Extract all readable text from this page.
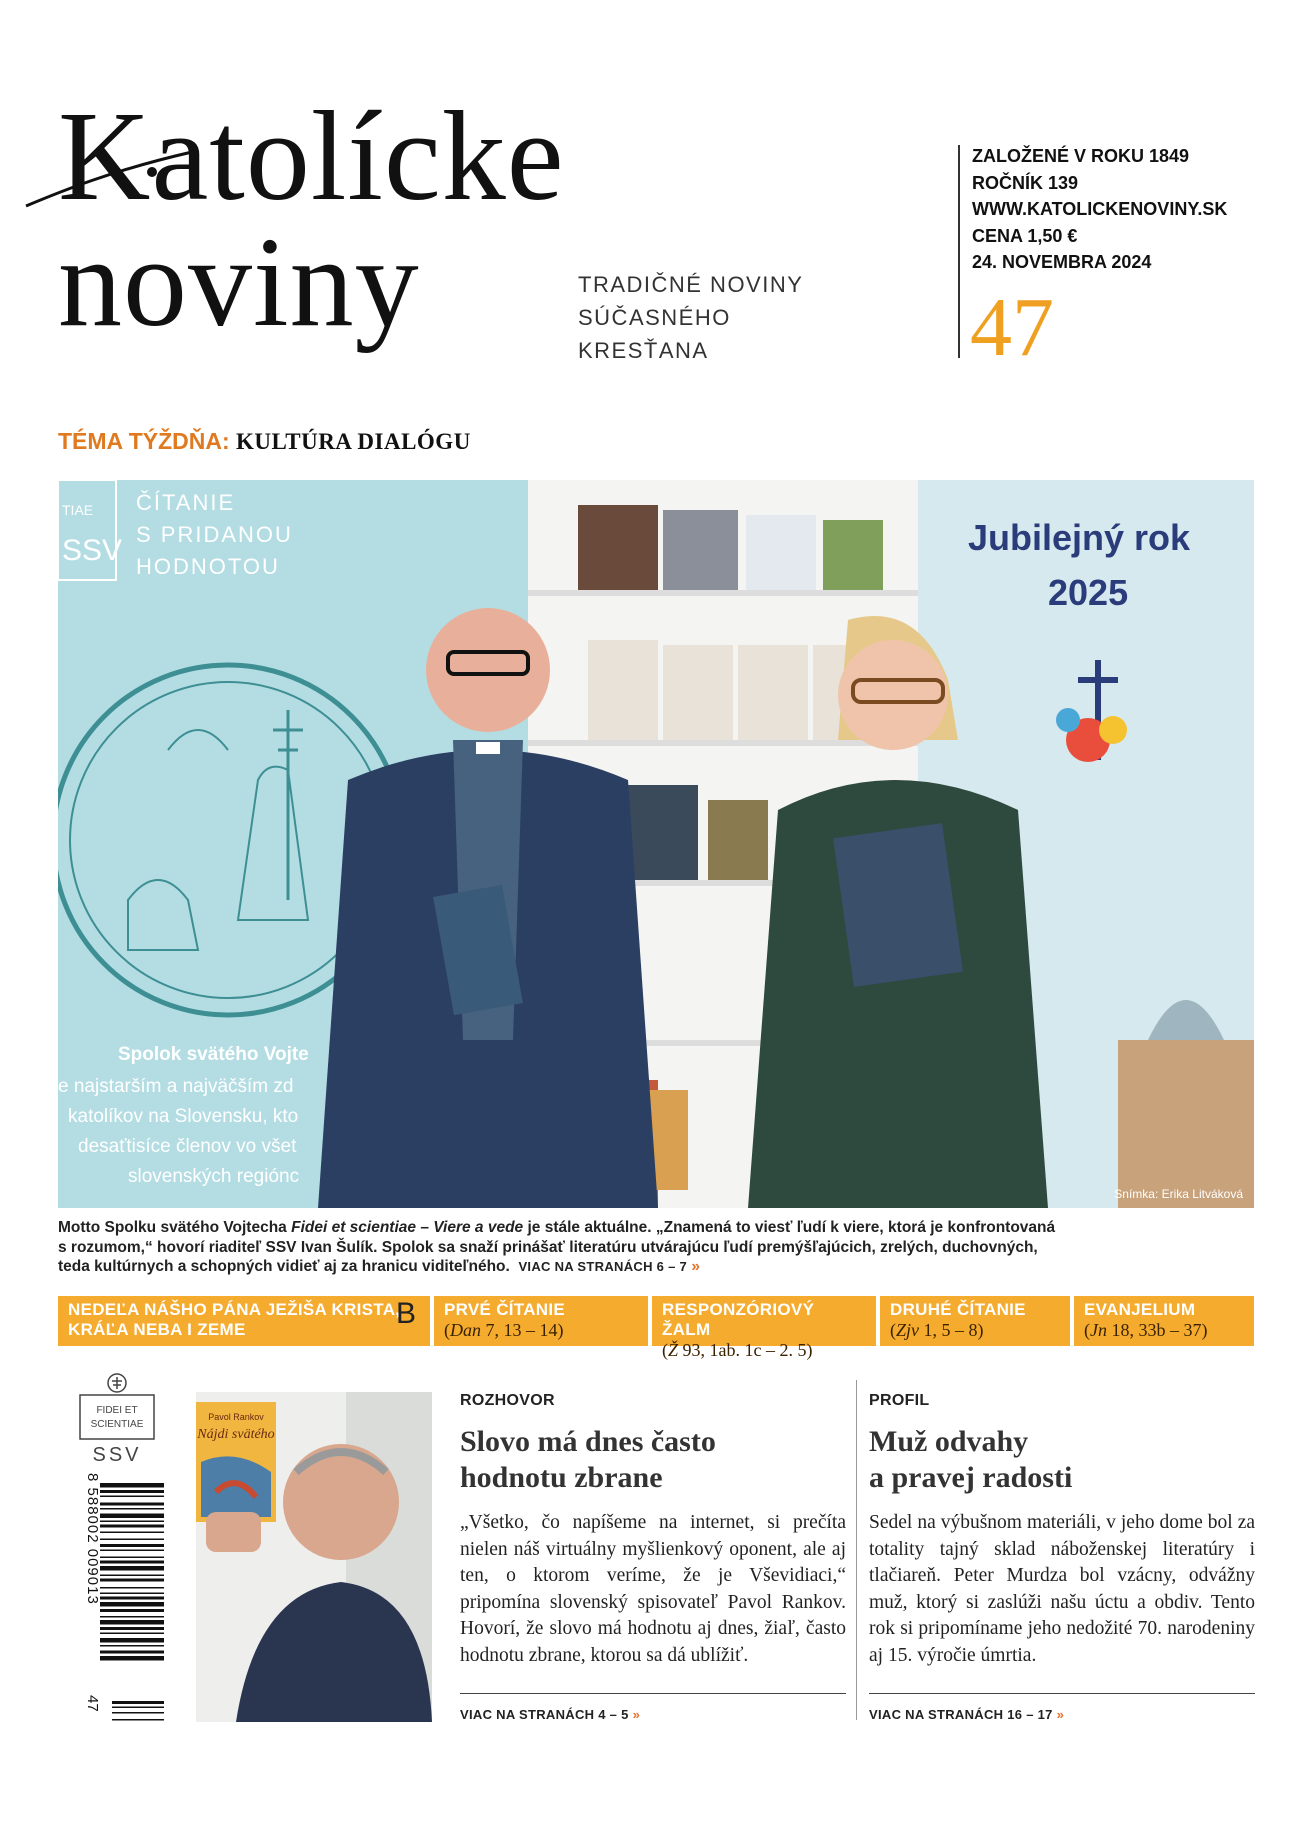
Katolícke
noviny	TRADIČNÉ NOVINY
SÚČASNÉHO
KRESŤANA
ZALOŽENÉ V ROKU 1849
ROČNÍK 139
WWW.KATOLICKENOVINY.SK
CENA 1,50 €
24. NOVEMBRA 2024
47
TÉMA TÝŽDŇA: KULTÚRA DIALÓGU
TIAE
SSV
ČÍTANIE
S PRIDANOU
HODNOTOU
Spolok svätého Vojte
e najstarším a najväčším zd
katolíkov na Slovensku, kto
desaťtisíce členov vo všet
slovenských regiónc
Jubilejný rok
2025
Snímka: Erika Litváková
Motto Spolku svätého Vojtecha Fidei et scientiae – Viere a vede je stále aktuálne. „Znamená to viesť ľudí k viere, ktorá je konfrontovaná s rozumom,“ hovorí riaditeľ SSV Ivan Šulík. Spolok sa snaží prinášať literatúru utvárajúcu ľudí premýšľajúcich, zrelých, duchovných, teda kultúrnych a schopných vidieť aj za hranicu viditeľného. VIAC NA STRANÁCH 6 – 7 »
NEDEĽA NÁŠHO PÁNA JEŽIŠA KRISTA,
KRÁĽA NEBA I ZEME	B PRVÉ ČÍTANIE
(Dan 7, 13 – 14)
RESPONZÓRIOVÝ ŽALM
(Ž 93, 1ab. 1c – 2. 5)
DRUHÉ ČÍTANIE
(Zjv 1, 5 – 8)
EVANJELIUM
(Jn 18, 33b – 37)
FIDEI ET
SCIENTIAE
SSV
8 588002 009013
47
Pavol Rankov
Nájdi svätého
ROZHOVOR
Slovo má dnes často
hodnotu zbrane
„Všetko, čo napíšeme na internet, si prečíta nielen náš virtuálny myšlienkový oponent, ale aj ten, o ktorom veríme, že je Vševidiaci,“ pripomína slovenský spisovateľ Pavol Rankov. Hovorí, že slovo má hodnotu aj dnes, žiaľ, často hodnotu zbrane, ktorou sa dá ublížiť.
VIAC NA STRANÁCH 4 – 5 »
PROFIL
Muž odvahy
a pravej radosti
Sedel na výbušnom materiáli, v jeho dome bol za totality tajný sklad náboženskej literatúry i tlačiareň. Peter Murdza bol vzácny, odvážny muž, ktorý si zaslúži našu úctu a obdiv. Tento rok si pripomíname jeho nedožité 70. narodeniny aj 15. výročie úmrtia.
VIAC NA STRANÁCH 16 – 17 »
